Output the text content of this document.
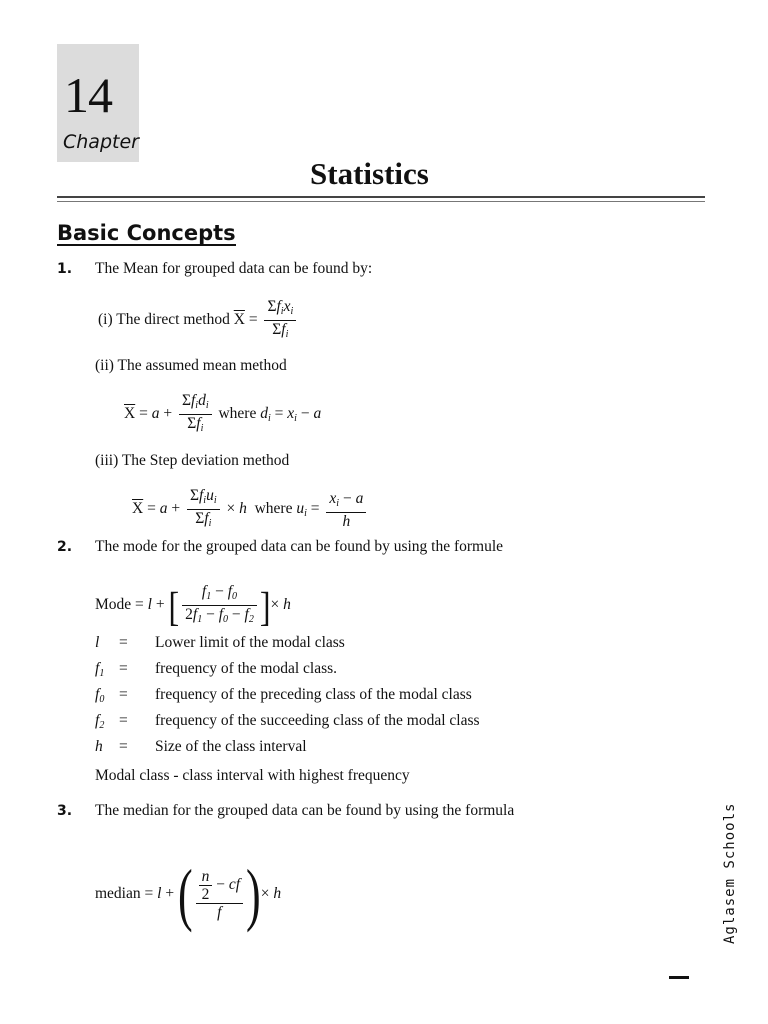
14
Chapter
Statistics
Basic Concepts
1. The Mean for grouped data can be found by:
(i) The direct method $\overline{X} = \frac{\Sigma f_ix_i}{\Sigma f_i}$
(ii) The assumed mean method
$\overline{X} = a + \frac{\Sigma f_id_i}{\Sigma f_i}$ where $d_i = x_i - a$
(iii) The Step deviation method
$\overline{X} = a + \frac{\Sigma f_iu_i}{\Sigma f_i} \times h$ where $u_i = \frac{x_i - a}{h}$
2. The mode for the grouped data can be found by using the formule
Mode = l + [ $\frac{f_1 - f_0}{2f_1 - f_0 - f_2}$ ]× h
l	=	Lower limit of the modal class
$f_1$	=	frequency of the modal class.
$f_0$	=	frequency of the preceding class of the modal class
$f_2$	=	frequency of the succeeding class of the modal class
h	=	Size of the class interval
Modal class - class interval with highest frequency
3. The median for the grouped data can be found by using the formula
median = l + ( $\frac{\frac{n}{2} - cf}{f}$ )× h	Aglasem Schools
